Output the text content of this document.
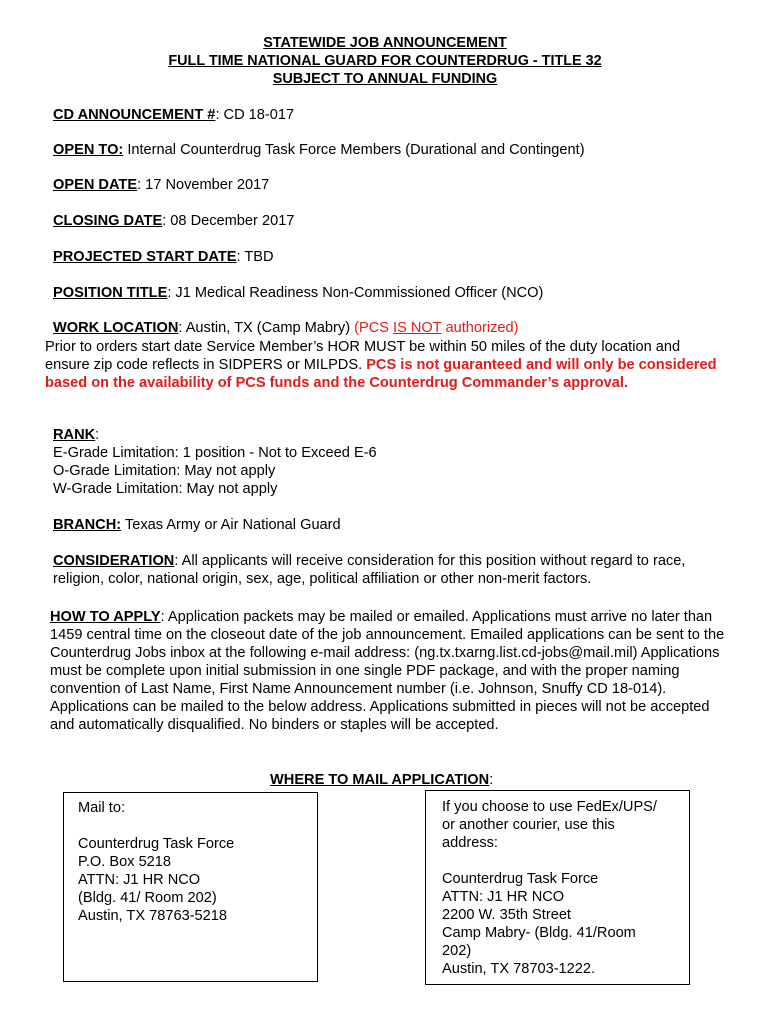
STATEWIDE JOB ANNOUNCEMENT
FULL TIME NATIONAL GUARD FOR COUNTERDRUG - TITLE 32
SUBJECT TO ANNUAL FUNDING
CD ANNOUNCEMENT #: CD 18-017
OPEN TO: Internal Counterdrug Task Force Members (Durational and Contingent)
OPEN DATE: 17 November 2017
CLOSING DATE: 08 December 2017
PROJECTED START DATE: TBD
POSITION TITLE: J1 Medical Readiness Non-Commissioned Officer (NCO)
WORK LOCATION: Austin, TX (Camp Mabry) (PCS IS NOT authorized)
Prior to orders start date Service Member’s HOR MUST be within 50 miles of the duty location and ensure zip code reflects in SIDPERS or MILPDS. PCS is not guaranteed and will only be considered based on the availability of PCS funds and the Counterdrug Commander’s approval.
RANK:
E-Grade Limitation: 1 position - Not to Exceed E-6
O-Grade Limitation: May not apply
W-Grade Limitation: May not apply
BRANCH: Texas Army or Air National Guard
CONSIDERATION: All applicants will receive consideration for this position without regard to race, religion, color, national origin, sex, age, political affiliation or other non-merit factors.
HOW TO APPLY: Application packets may be mailed or emailed. Applications must arrive no later than 1459 central time on the closeout date of the job announcement. Emailed applications can be sent to the Counterdrug Jobs inbox at the following e-mail address: (ng.tx.txarng.list.cd-jobs@mail.mil) Applications must be complete upon initial submission in one single PDF package, and with the proper naming convention of Last Name, First Name Announcement number (i.e. Johnson, Snuffy CD 18-014). Applications can be mailed to the below address. Applications submitted in pieces will not be accepted and automatically disqualified. No binders or staples will be accepted.
WHERE TO MAIL APPLICATION:
Mail to:
Counterdrug Task Force
P.O. Box 5218
ATTN: J1 HR NCO
(Bldg. 41/ Room 202)
Austin, TX 78763-5218
If you choose to use FedEx/UPS/ or another courier, use this address:
Counterdrug Task Force
ATTN: J1 HR NCO
2200 W. 35th Street
Camp Mabry- (Bldg. 41/Room 202)
Austin, TX 78703-1222.
